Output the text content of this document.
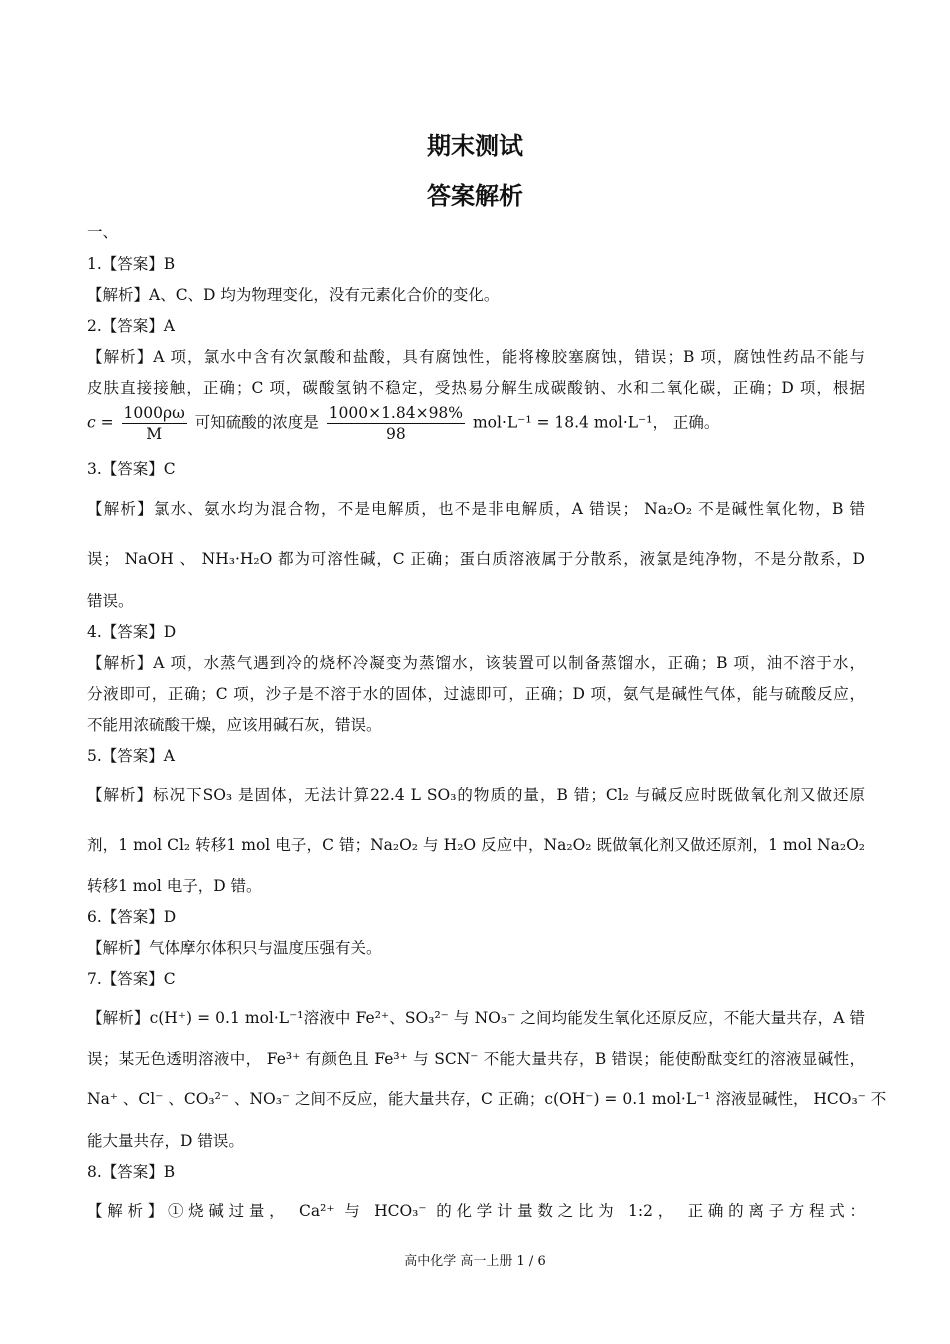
期末测试
答案解析
一、
1.【答案】B
【解析】A、C、D 均为物理变化，没有元素化合价的变化。
2.【答案】A
【解析】A 项，氯水中含有次氯酸和盐酸，具有腐蚀性，能将橡胶塞腐蚀，错误；B 项，腐蚀性药品不能与
皮肤直接接触，正确；C 项，碳酸氢钠不稳定，受热易分解生成碳酸钠、水和二氧化碳，正确；D 项，根据
$c = \frac{1000\rho\omega}{M}$ 可知硫酸的浓度是 $\frac{1000\times 1.84\times 98\%}{98} mol\cdot L^{-1} = 18.4$ mol·L⁻¹， 正确。
3.【答案】C
【解析】氯水、氨水均为混合物，不是电解质，也不是非电解质，A 错误； Na₂O₂ 不是碱性氧化物，B 错
误； NaOH 、 NH₃·H₂O 都为可溶性碱，C 正确；蛋白质溶液属于分散系，液氯是纯净物，不是分散系，D
错误。
4.【答案】D
【解析】A 项，水蒸气遇到冷的烧杯冷凝变为蒸馏水，该装置可以制备蒸馏水，正确；B 项，油不溶于水，
分液即可，正确；C 项，沙子是不溶于水的固体，过滤即可，正确；D 项，氨气是碱性气体，能与硫酸反应，
不能用浓硫酸干燥，应该用碱石灰，错误。
5.【答案】A
【解析】标况下SO₃ 是固体，无法计算22.4 L SO₃的物质的量，B 错；Cl₂ 与碱反应时既做氧化剂又做还原
剂，1 mol Cl₂ 转移1 mol 电子，C 错；Na₂O₂ 与 H₂O 反应中，Na₂O₂ 既做氧化剂又做还原剂，1 mol Na₂O₂
转移1 mol 电子，D 错。
6.【答案】D
【解析】气体摩尔体积只与温度压强有关。
7.【答案】C
【解析】c(H⁺) = 0.1 mol·L⁻¹溶液中 Fe²⁺、SO₃²⁻ 与 NO₃⁻ 之间均能发生氧化还原反应，不能大量共存，A 错
误；某无色透明溶液中， Fe³⁺ 有颜色且 Fe³⁺ 与 SCN⁻ 不能大量共存，B 错误；能使酚酞变红的溶液显碱性，
Na⁺ 、Cl⁻ 、CO₃²⁻ 、NO₃⁻ 之间不反应，能大量共存，C 正确；c(OH⁻) = 0.1 mol·L⁻¹ 溶液显碱性， HCO₃⁻ 不
能大量共存，D 错误。
8.【答案】B
【解析】①烧碱过量， Ca²⁺ 与 HCO₃⁻ 的化学计量数之比为 1:2， 正确的离子方程式：
高中化学 高一上册 1 / 6
